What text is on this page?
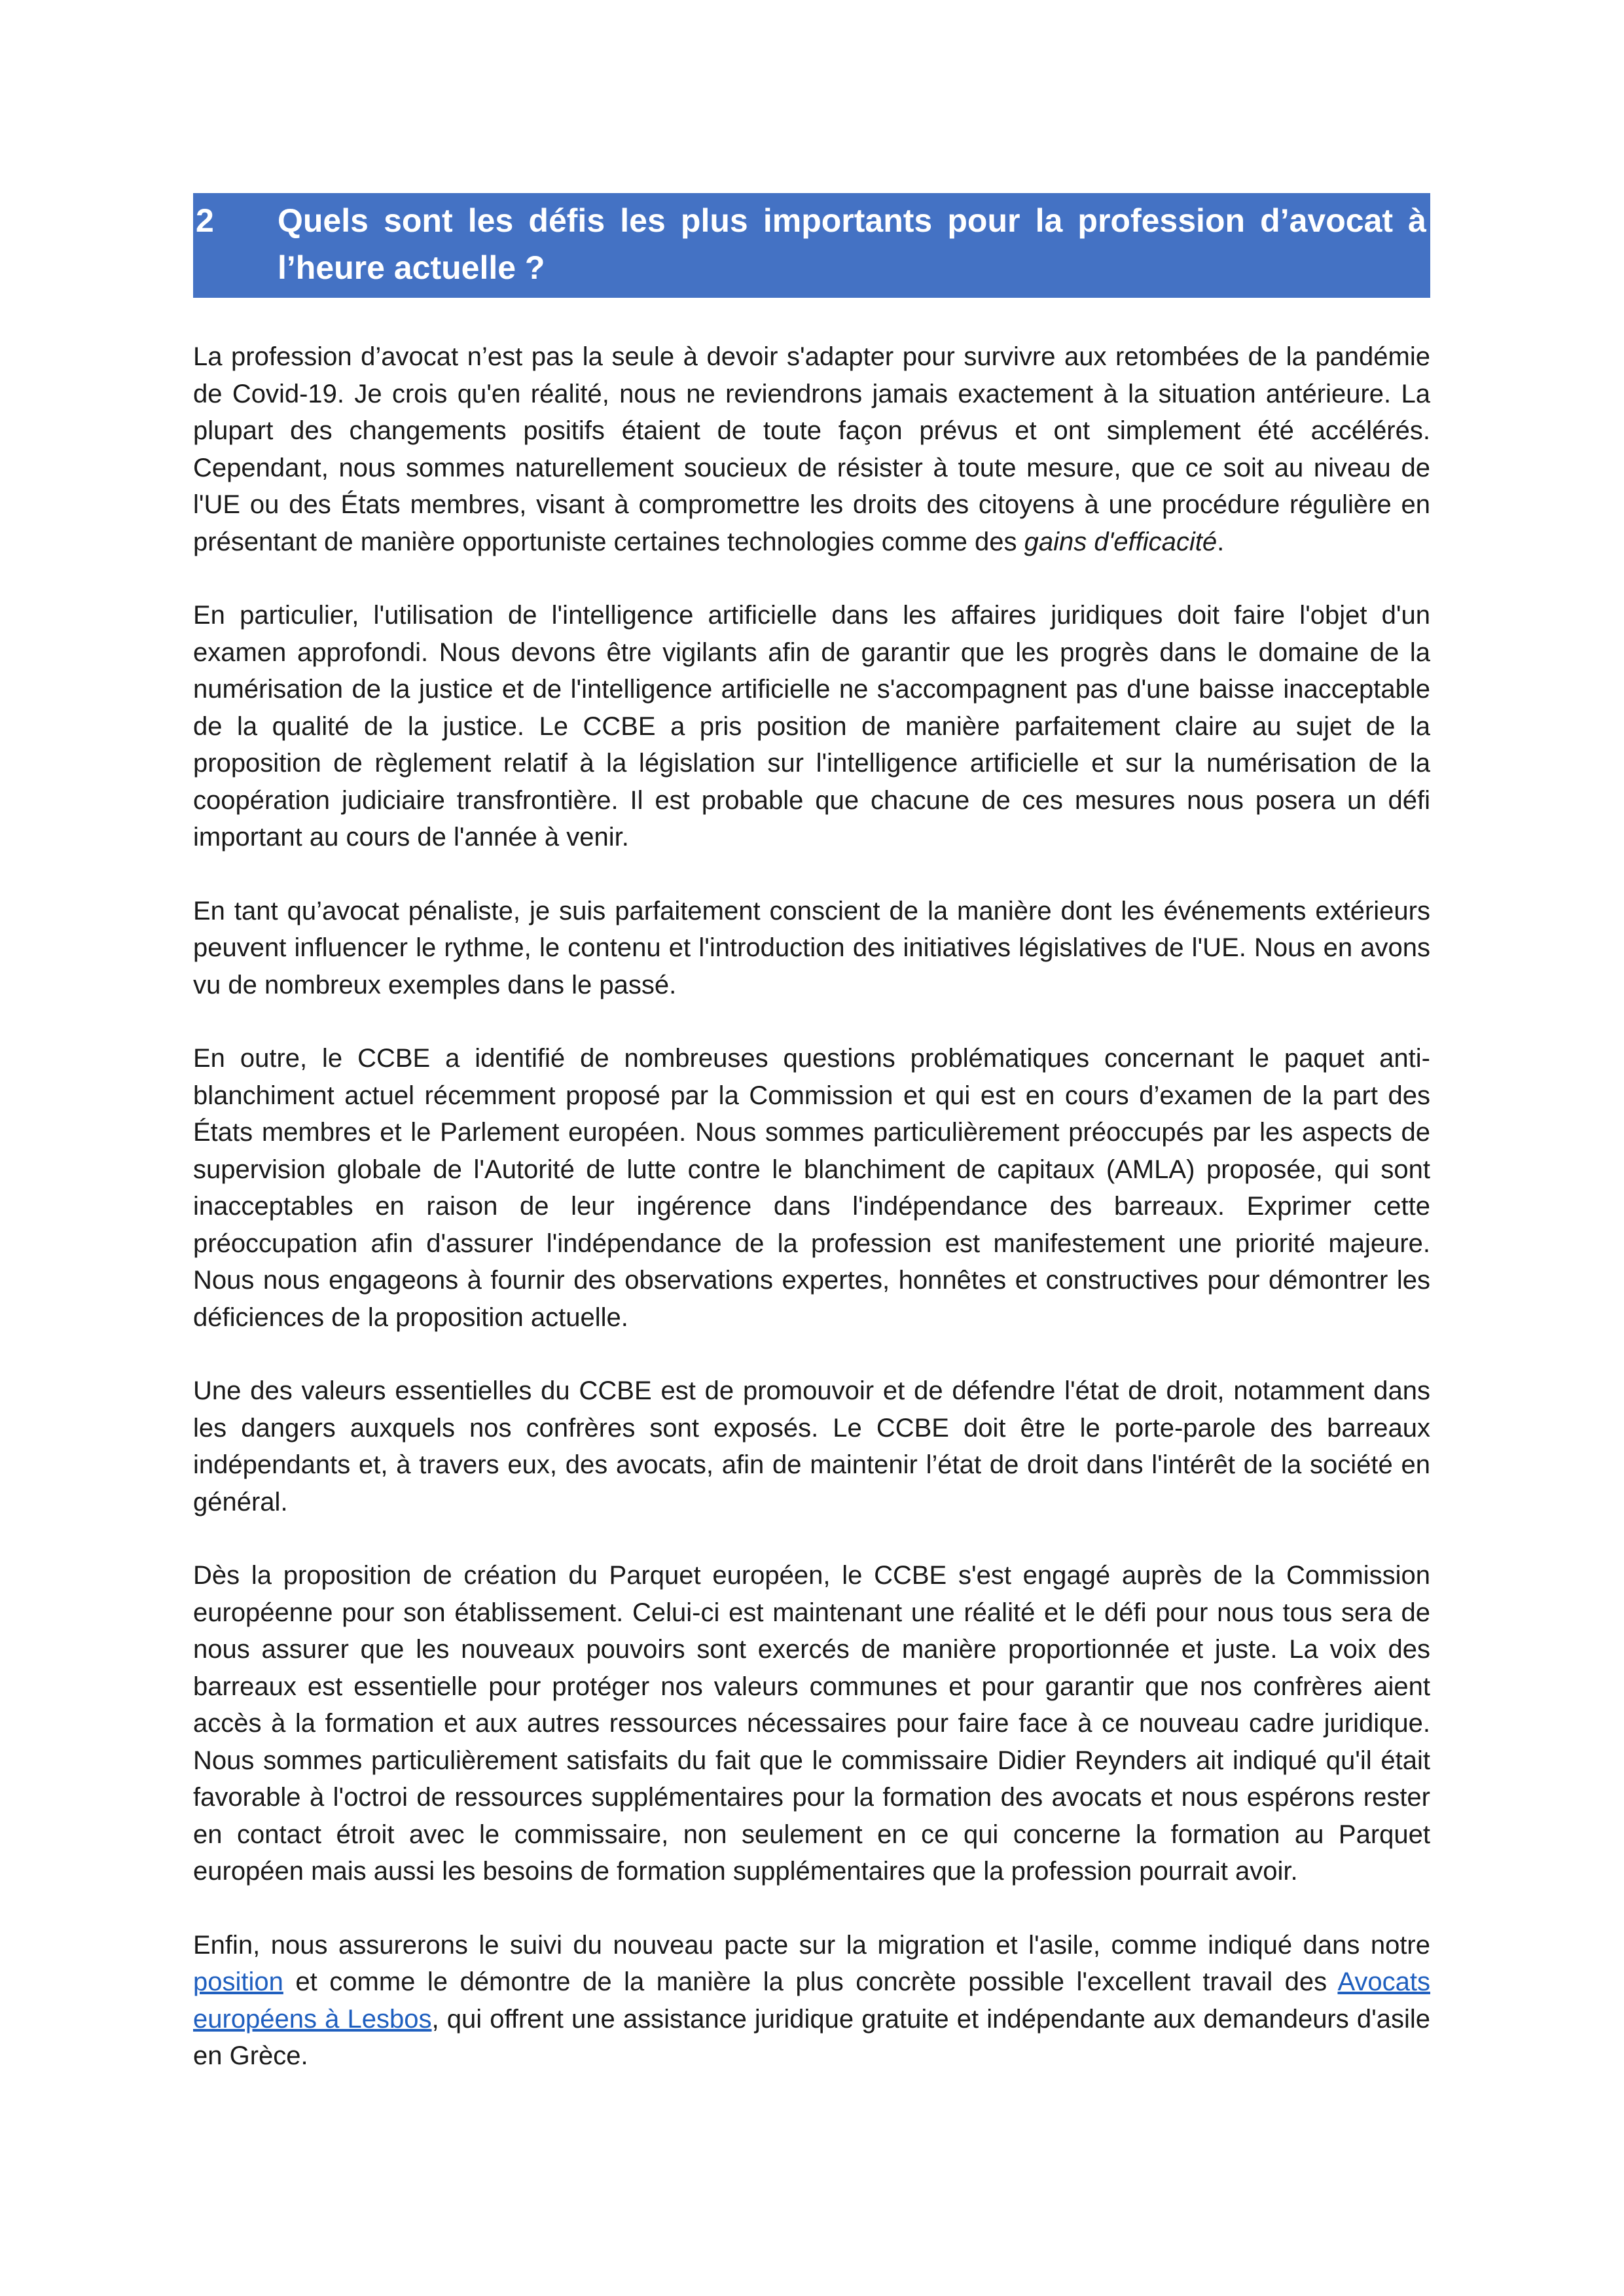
2	Quels sont les défis les plus importants pour la profession d’avocat à l’heure actuelle ?

La profession d’avocat n’est pas la seule à devoir s'adapter pour survivre aux retombées de la pandémie de Covid-19. Je crois qu'en réalité, nous ne reviendrons jamais exactement à la situation antérieure. La plupart des changements positifs étaient de toute façon prévus et ont simplement été accélérés. Cependant, nous sommes naturellement soucieux de résister à toute mesure, que ce soit au niveau de l'UE ou des États membres, visant à compromettre les droits des citoyens à une procédure régulière en présentant de manière opportuniste certaines technologies comme des gains d'efficacité.

En particulier, l'utilisation de l'intelligence artificielle dans les affaires juridiques doit faire l'objet d'un examen approfondi. Nous devons être vigilants afin de garantir que les progrès dans le domaine de la numérisation de la justice et de l'intelligence artificielle ne s'accompagnent pas d'une baisse inacceptable de la qualité de la justice. Le CCBE a pris position de manière parfaitement claire au sujet de la proposition de règlement relatif à la législation sur l'intelligence artificielle et sur la numérisation de la coopération judiciaire transfrontière. Il est probable que chacune de ces mesures nous posera un défi important au cours de l'année à venir.

En tant qu’avocat pénaliste, je suis parfaitement conscient de la manière dont les événements extérieurs peuvent influencer le rythme, le contenu et l'introduction des initiatives législatives de l'UE. Nous en avons vu de nombreux exemples dans le passé.

En outre, le CCBE a identifié de nombreuses questions problématiques concernant le paquet anti-blanchiment actuel récemment proposé par la Commission et qui est en cours d’examen de la part des États membres et le Parlement européen. Nous sommes particulièrement préoccupés par les aspects de supervision globale de l'Autorité de lutte contre le blanchiment de capitaux (AMLA) proposée, qui sont inacceptables en raison de leur ingérence dans l'indépendance des barreaux. Exprimer cette préoccupation afin d'assurer l'indépendance de la profession est manifestement une priorité majeure. Nous nous engageons à fournir des observations expertes, honnêtes et constructives pour démontrer les déficiences de la proposition actuelle.

Une des valeurs essentielles du CCBE est de promouvoir et de défendre l'état de droit, notamment dans les dangers auxquels nos confrères sont exposés. Le CCBE doit être le porte-parole des barreaux indépendants et, à travers eux, des avocats, afin de maintenir l’état de droit dans l'intérêt de la société en général.

Dès la proposition de création du Parquet européen, le CCBE s'est engagé auprès de la Commission européenne pour son établissement. Celui-ci est maintenant une réalité et le défi pour nous tous sera de nous assurer que les nouveaux pouvoirs sont exercés de manière proportionnée et juste. La voix des barreaux est essentielle pour protéger nos valeurs communes et pour garantir que nos confrères aient accès à la formation et aux autres ressources nécessaires pour faire face à ce nouveau cadre juridique. Nous sommes particulièrement satisfaits du fait que le commissaire Didier Reynders ait indiqué qu'il était favorable à l'octroi de ressources supplémentaires pour la formation des avocats et nous espérons rester en contact étroit avec le commissaire, non seulement en ce qui concerne la formation au Parquet européen mais aussi les besoins de formation supplémentaires que la profession pourrait avoir.

Enfin, nous assurerons le suivi du nouveau pacte sur la migration et l'asile, comme indiqué dans notre position et comme le démontre de la manière la plus concrète possible l'excellent travail des Avocats européens à Lesbos, qui offrent une assistance juridique gratuite et indépendante aux demandeurs d'asile en Grèce.
